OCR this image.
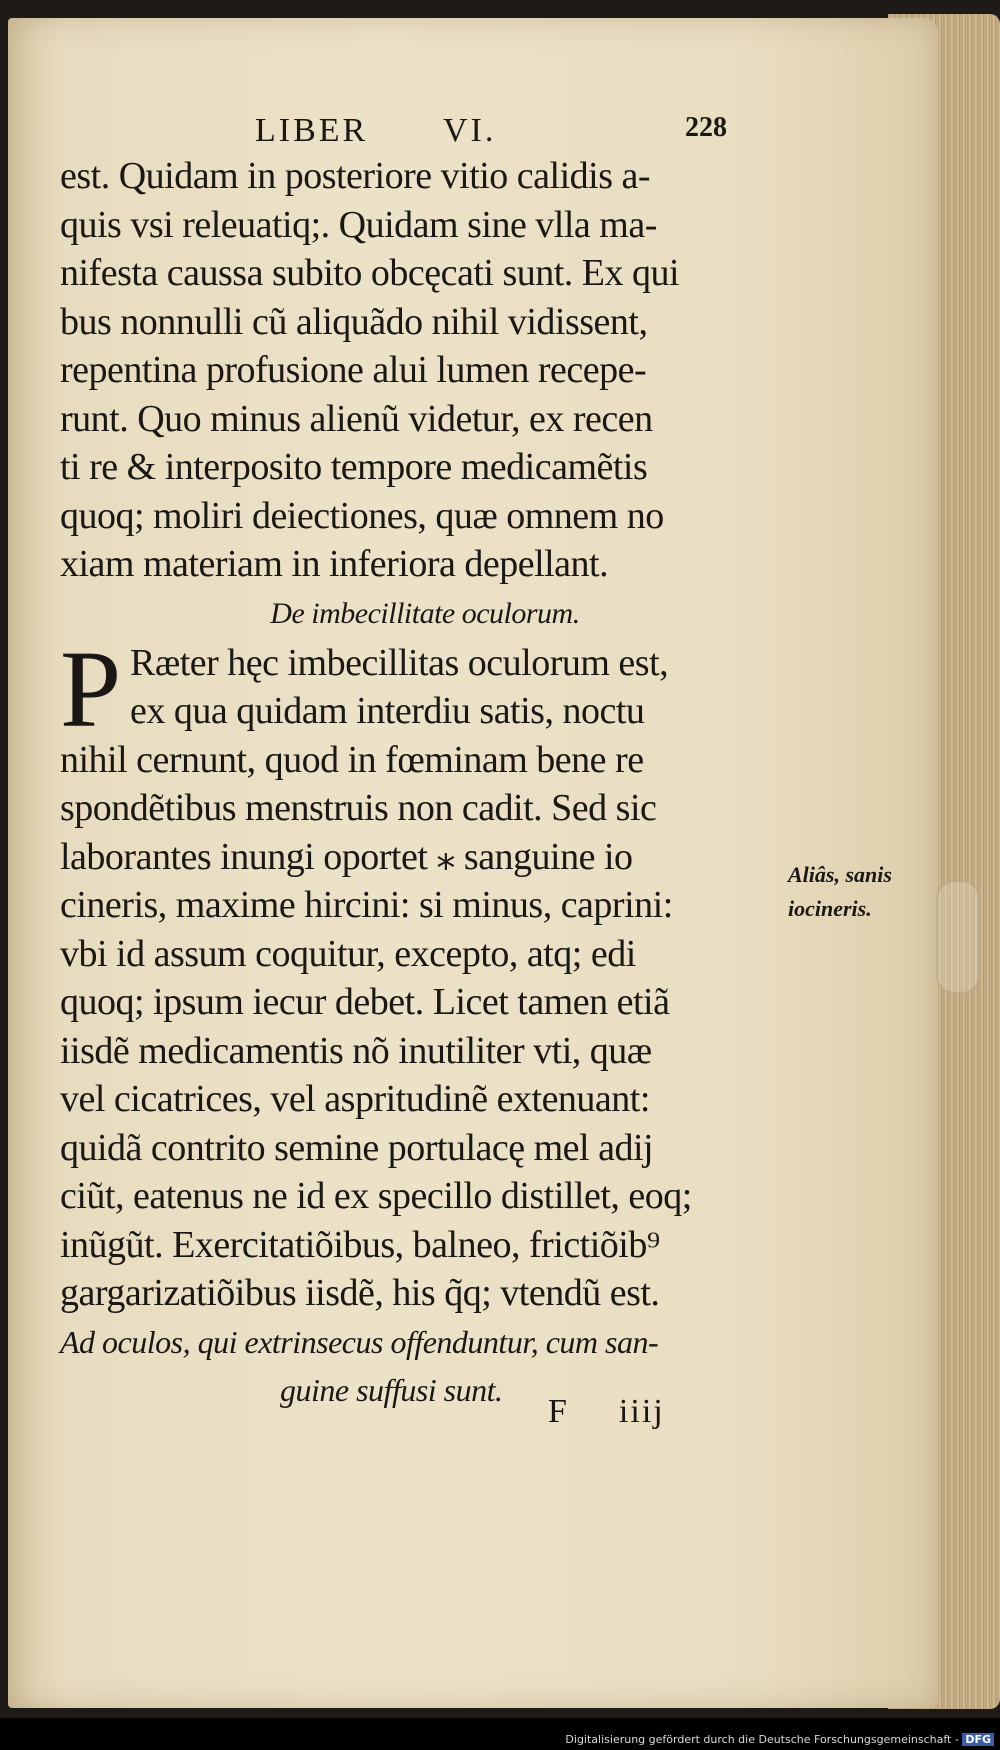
LIBER VI.	228
est. Quidam in posteriore vitio calidis a-
quis vsi releuatiq;. Quidam sine vlla ma-
nifesta caussa subito obcęcati sunt. Ex qui
bus nonnulli cũ aliquãdo nihil vidissent,
repentina profusione alui lumen recepe-
runt. Quo minus alienũ videtur, ex recen
ti re & interposito tempore medicamẽtis
quoq; moliri deiectiones, quæ omnem no
xiam materiam in inferiora depellant.
De imbecillitate oculorum.
P Ræter hęc imbecillitas oculorum est,
ex qua quidam interdiu satis, noctu
nihil cernunt, quod in fœminam bene re
spondẽtibus menstruis non cadit. Sed sic
laborantes inungi oportet ⁎ sanguine io
cineris, maxime hircini: si minus, caprini:
vbi id assum coquitur, excepto, atq; edi
quoq; ipsum iecur debet. Licet tamen etiã
iisdẽ medicamentis nõ inutiliter vti, quæ
vel cicatrices, vel aspritudinẽ extenuant:
quidã contrito semine portulacę mel adij
ciũt, eatenus ne id ex specillo distillet, eoq;
inũgũt. Exercitatiõibus, balneo, frictiõib⁹
gargarizatiõibus iisdẽ, his q̃q; vtendũ est.
Ad oculos, qui extrinsecus offenduntur, cum san-
guine suffusi sunt.
F iiij
Aliâs, sanis
iocineris.
Digitalisierung gefördert durch die Deutsche Forschungsgemeinschaft - DFG
